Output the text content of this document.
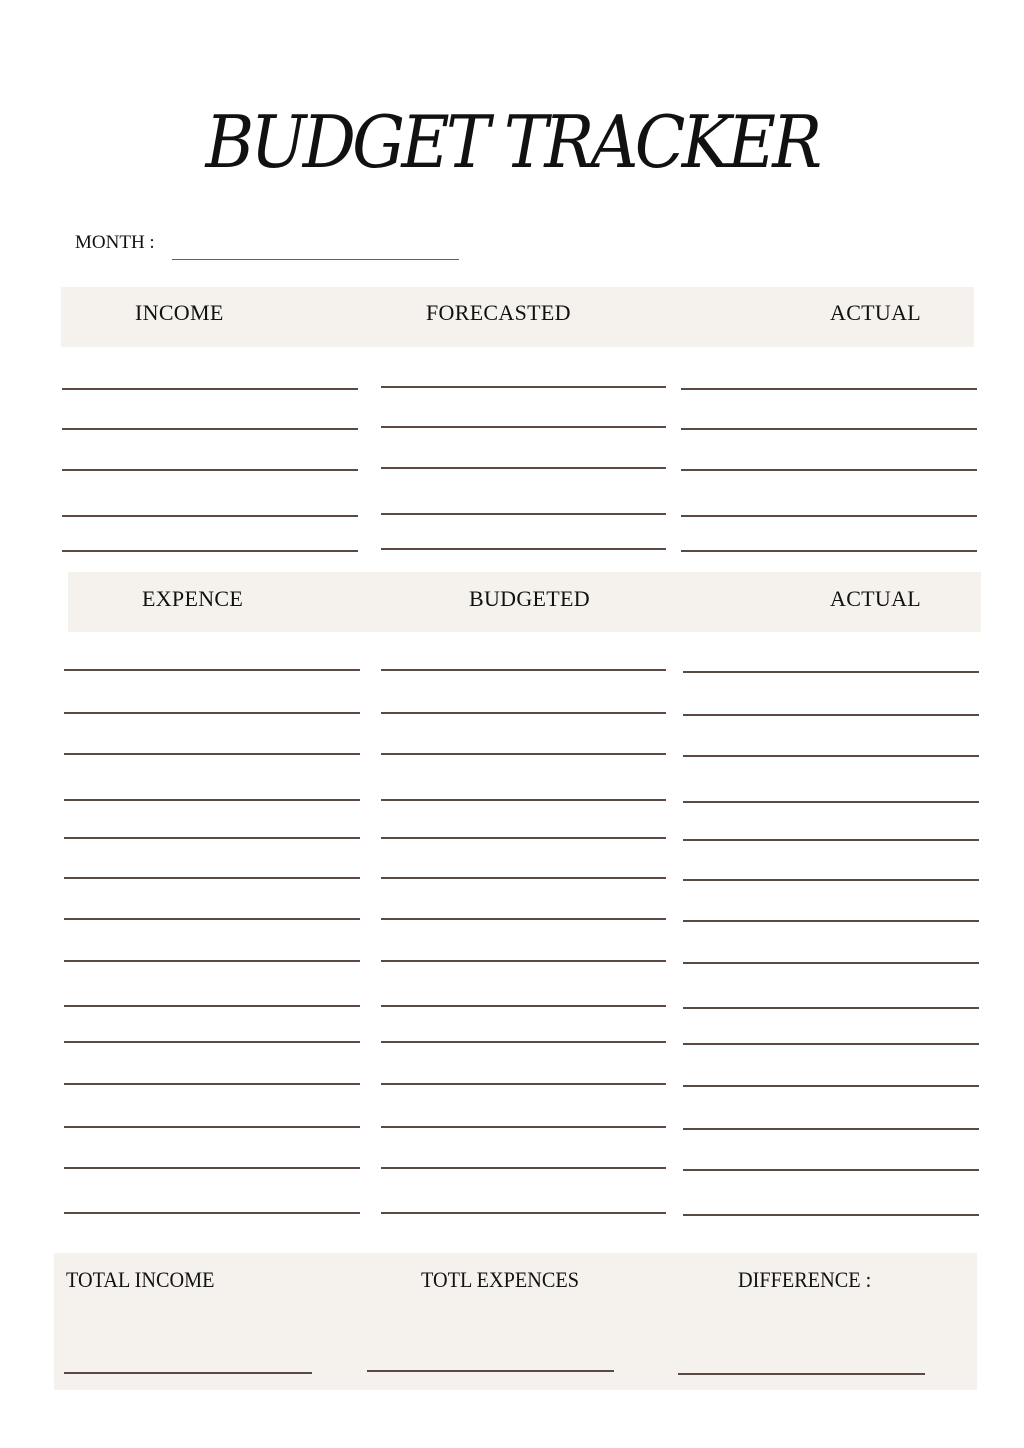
BUDGET TRACKER
MONTH :
INCOME	FORECASTED	ACTUAL
EXPENCE	BUDGETED	ACTUAL
TOTAL INCOME	TOTL EXPENCES	DIFFERENCE :
